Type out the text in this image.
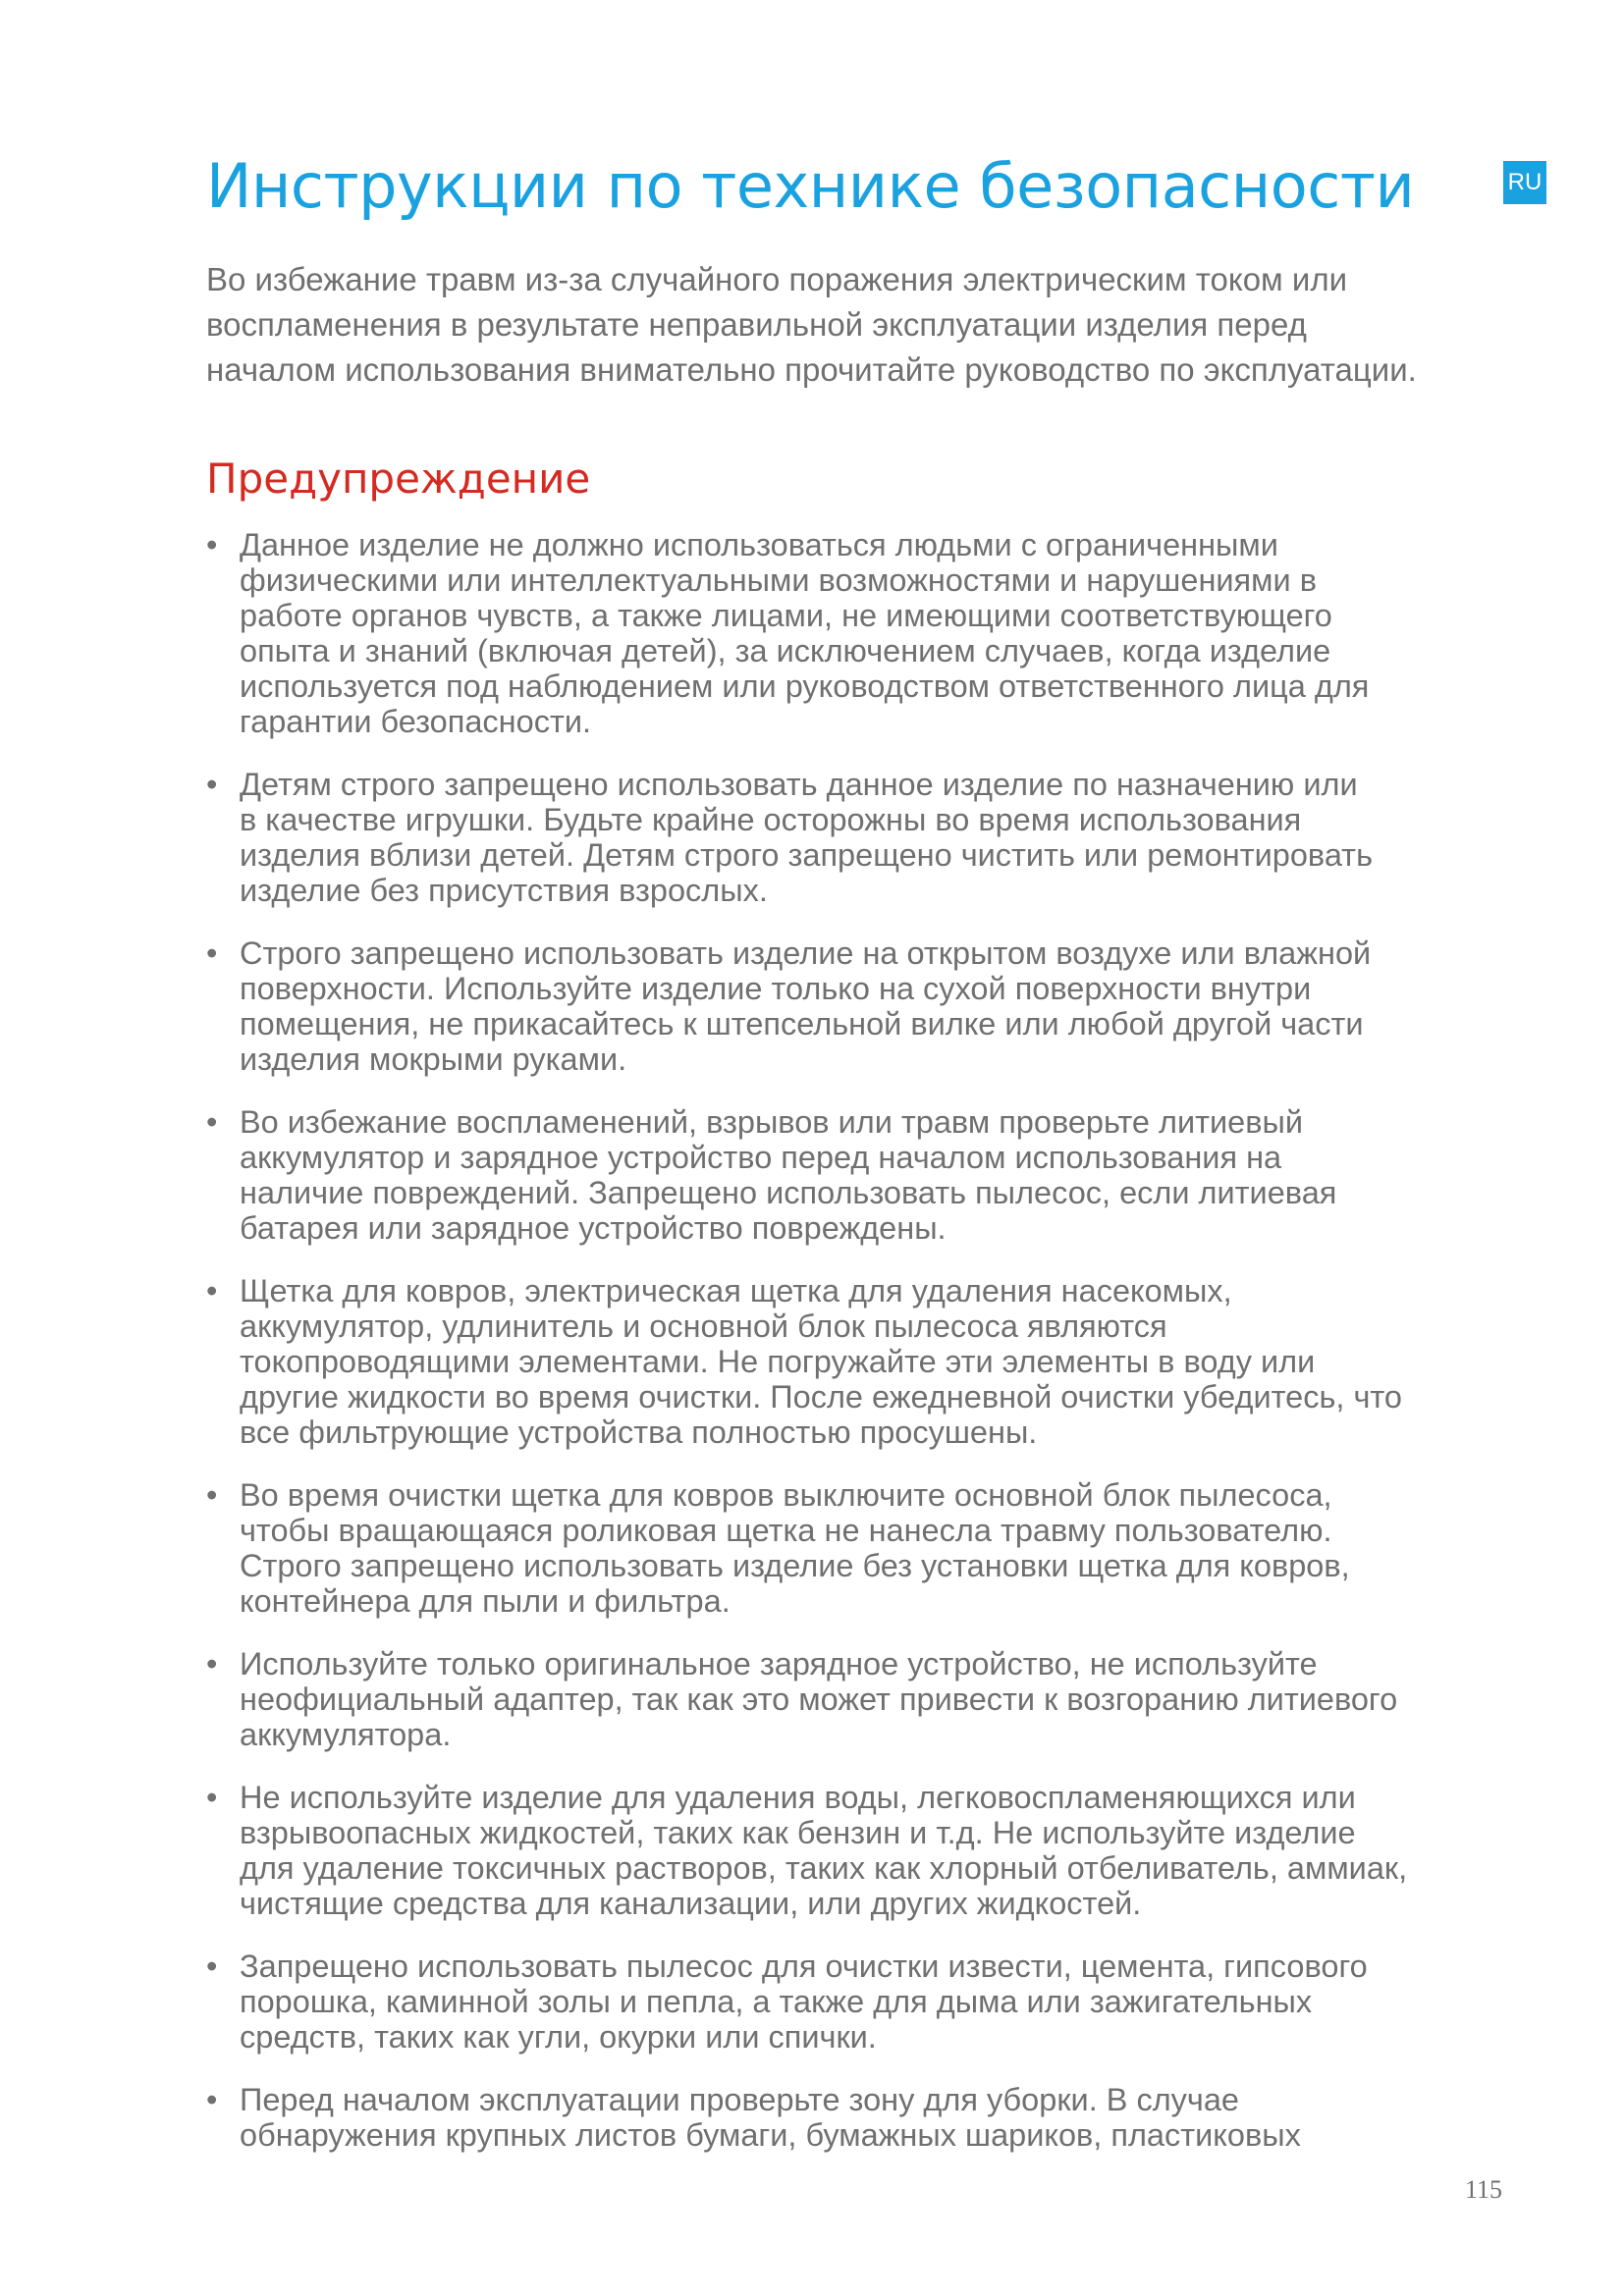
Инструкции по технике безопасности	RU

Во избежание травм из-за случайного поражения электрическим током или
воспламенения в результате неправильной эксплуатации изделия перед
началом использования внимательно прочитайте руководство по эксплуатации.

Предупреждение
• Данное изделие не должно использоваться людьми с ограниченными
физическими или интеллектуальными возможностями и нарушениями в
работе органов чувств, а также лицами, не имеющими соответствующего
опыта и знаний (включая детей), за исключением случаев, когда изделие
используется под наблюдением или руководством ответственного лица для
гарантии безопасности.
• Детям строго запрещено использовать данное изделие по назначению или
в качестве игрушки. Будьте крайне осторожны во время использования
изделия вблизи детей. Детям строго запрещено чистить или ремонтировать
изделие без присутствия взрослых.
• Строго запрещено использовать изделие на открытом воздухе или влажной
поверхности. Используйте изделие только на сухой поверхности внутри
помещения, не прикасайтесь к штепсельной вилке или любой другой части
изделия мокрыми руками.
• Во избежание воспламенений, взрывов или травм проверьте литиевый
аккумулятор и зарядное устройство перед началом использования на
наличие повреждений. Запрещено использовать пылесос, если литиевая
батарея или зарядное устройство повреждены.
• Щетка для ковров, электрическая щетка для удаления насекомых,
аккумулятор, удлинитель и основной блок пылесоса являются
токопроводящими элементами. Не погружайте эти элементы в воду или
другие жидкости во время очистки. После ежедневной очистки убедитесь, что
все фильтрующие устройства полностью просушены.
• Во время очистки щетка для ковров выключите основной блок пылесоса,
чтобы вращающаяся роликовая щетка не нанесла травму пользователю.
Строго запрещено использовать изделие без установки щетка для ковров,
контейнера для пыли и фильтра.
• Используйте только оригинальное зарядное устройство, не используйте
неофициальный адаптер, так как это может привести к возгоранию литиевого
аккумулятора.
• Не используйте изделие для удаления воды, легковоспламеняющихся или
взрывоопасных жидкостей, таких как бензин и т.д. Не используйте изделие
для удаление токсичных растворов, таких как хлорный отбеливатель, аммиак,
чистящие средства для канализации, или других жидкостей.
• Запрещено использовать пылесос для очистки извести, цемента, гипсового
порошка, каминной золы и пепла, а также для дыма или зажигательных
средств, таких как угли, окурки или спички.
• Перед началом эксплуатации проверьте зону для уборки. В случае
обнаружения крупных листов бумаги, бумажных шариков, пластиковых
115
